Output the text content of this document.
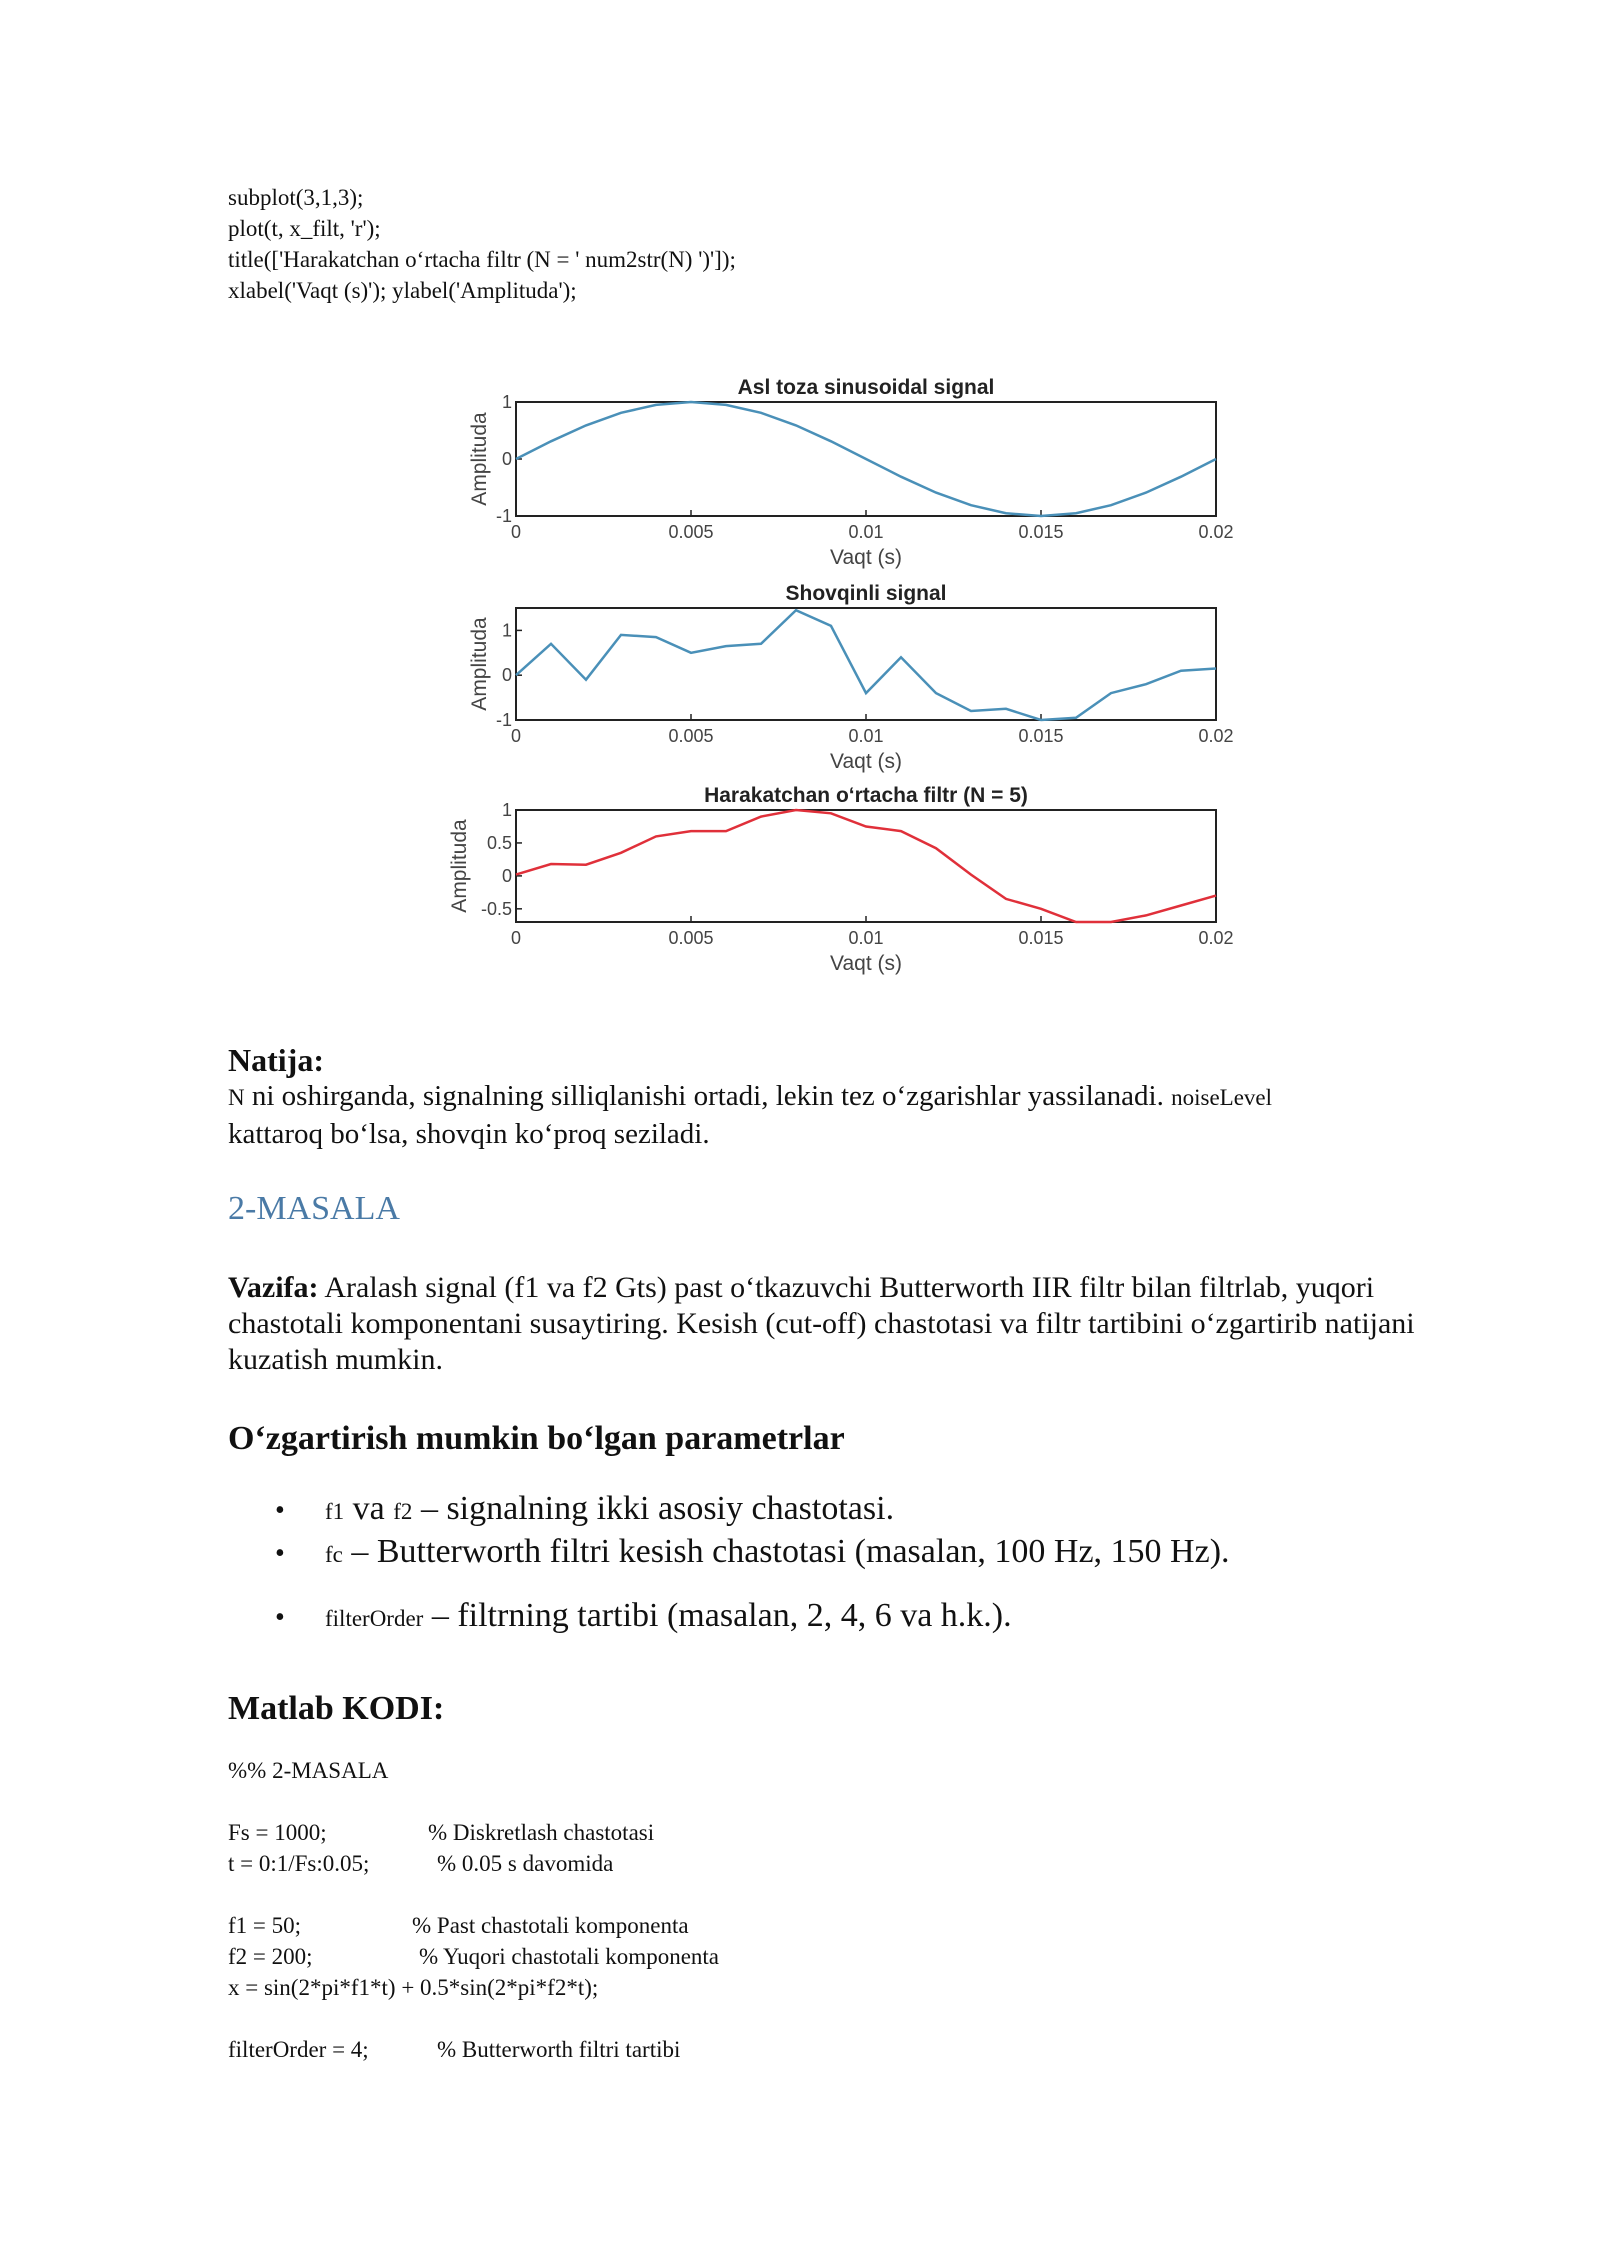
subplot(3,1,3);
plot(t, x_filt, 'r');
title(['Harakatchan o‘rtacha filtr (N = ' num2str(N) ')']);
xlabel('Vaqt (s)'); ylabel('Amplituda');
Asl toza sinusoidal signal
0	0.005	0.01	0.015	0.02
1
0
-1
Vaqt (s)
Amplituda
Shovqinli signal
0	0.005	0.01	0.015	0.02
1
0
-1
Vaqt (s)
Amplituda
Harakatchan o‘rtacha filtr (N = 5)
0	0.005	0.01	0.015	0.02
1
0.5
0
-0.5
Vaqt (s)
Amplituda
Natija:
N ni oshirganda, signalning silliqlanishi ortadi, lekin tez o‘zgarishlar yassilanadi. noiseLevel
kattaroq bo‘lsa, shovqin ko‘proq seziladi.
2-MASALA
Vazifa: Aralash signal (f1 va f2 Gts) past o‘tkazuvchi Butterworth IIR filtr bilan filtrlab, yuqori chastotali komponentani susaytiring. Kesish (cut-off) chastotasi va filtr tartibini o‘zgartirib natijani kuzatish mumkin.
O‘zgartirish mumkin bo‘lgan parametrlar
• f1 va f2 – signalning ikki asosiy chastotasi.
• fc – Butterworth filtri kesish chastotasi (masalan, 100 Hz, 150 Hz).
• filterOrder – filtrning tartibi (masalan, 2, 4, 6 va h.k.).
Matlab KODI:
%% 2-MASALA
Fs = 1000;	% Diskretlash chastotasi
t = 0:1/Fs:0.05;	% 0.05 s davomida
f1 = 50;	% Past chastotali komponenta
f2 = 200;	% Yuqori chastotali komponenta
x = sin(2*pi*f1*t) + 0.5*sin(2*pi*f2*t);
filterOrder = 4;	% Butterworth filtri tartibi
